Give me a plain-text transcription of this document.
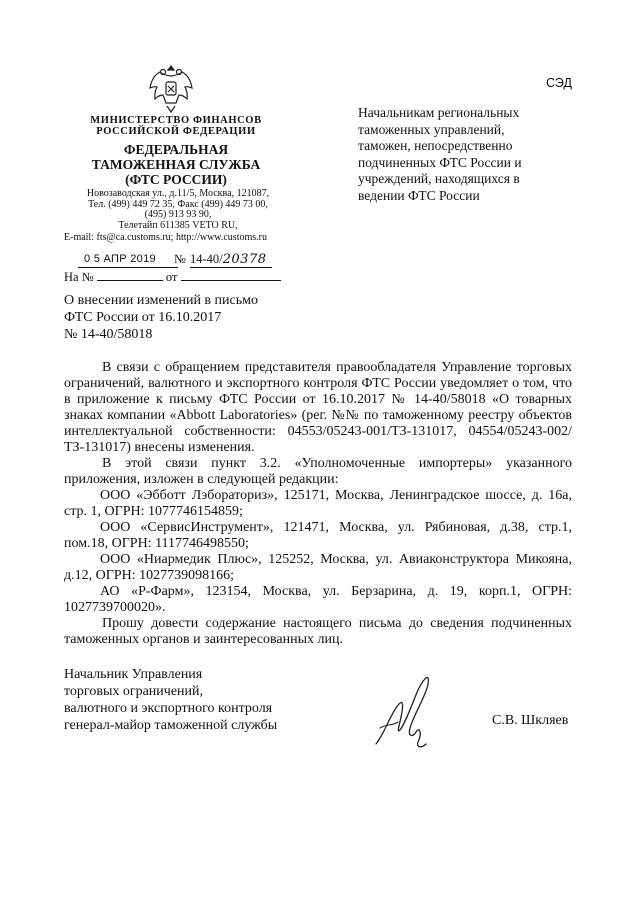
МИНИСТЕРСТВО ФИНАНСОВ
РОССИЙСКОЙ ФЕДЕРАЦИИ
ФЕДЕРАЛЬНАЯ
ТАМОЖЕННАЯ СЛУЖБА
(ФТС РОССИИ)
Новозаводская ул., д.11/5, Москва, 121087,
Тел. (499) 449 72 35, Факс (499) 449 73 00,
(495) 913 93 90,
Телетайп 611385 VETO RU,
E-mail: fts@ca.customs.ru; http://www.customs.ru
СЭД
Начальникам региональных таможенных управлений, таможен, непосредственно подчиненных ФТС России и учреждений, находящихся в ведении ФТС России
0 5 АПР 2019	№ 14-40/20378
На №	от
О внесении изменений в письмо
ФТС России от 16.10.2017
№ 14-40/58018

В связи с обращением представителя правообладателя Управление торговых ограничений, валютного и экспортного контроля ФТС России уведомляет о том, что в приложение к письму ФТС России от 16.10.2017 № 14-40/58018 «О товарных знаках компании «Abbott Laboratories» (рег. №№ по таможенному реестру объектов интеллектуальной собственности: 04553/05243-001/ТЗ-131017, 04554/05243-002/ТЗ-131017) внесены изменения.

В этой связи пункт 3.2. «Уполномоченные импортеры» указанного приложения, изложен в следующей редакции:

ООО «Эбботт Лэбораториз», 125171, Москва, Ленинградское шоссе, д. 16а, стр. 1, ОГРН: 1077746154859;

ООО «СервисИнструмент», 121471, Москва, ул. Рябиновая, д.38, стр.1, пом.18, ОГРН: 1117746498550;

ООО «Ниармедик Плюс», 125252, Москва, ул. Авиаконструктора Микояна, д.12, ОГРН: 1027739098166;

АО «Р-Фарм», 123154, Москва, ул. Берзарина, д. 19, корп.1, ОГРН: 1027739700020».

Прошу довести содержание настоящего письма до сведения подчиненных таможенных органов и заинтересованных лиц.

Начальник Управления
торговых ограничений,
валютного и экспортного контроля
генерал-майор таможенной службы	С.В. Шкляев
